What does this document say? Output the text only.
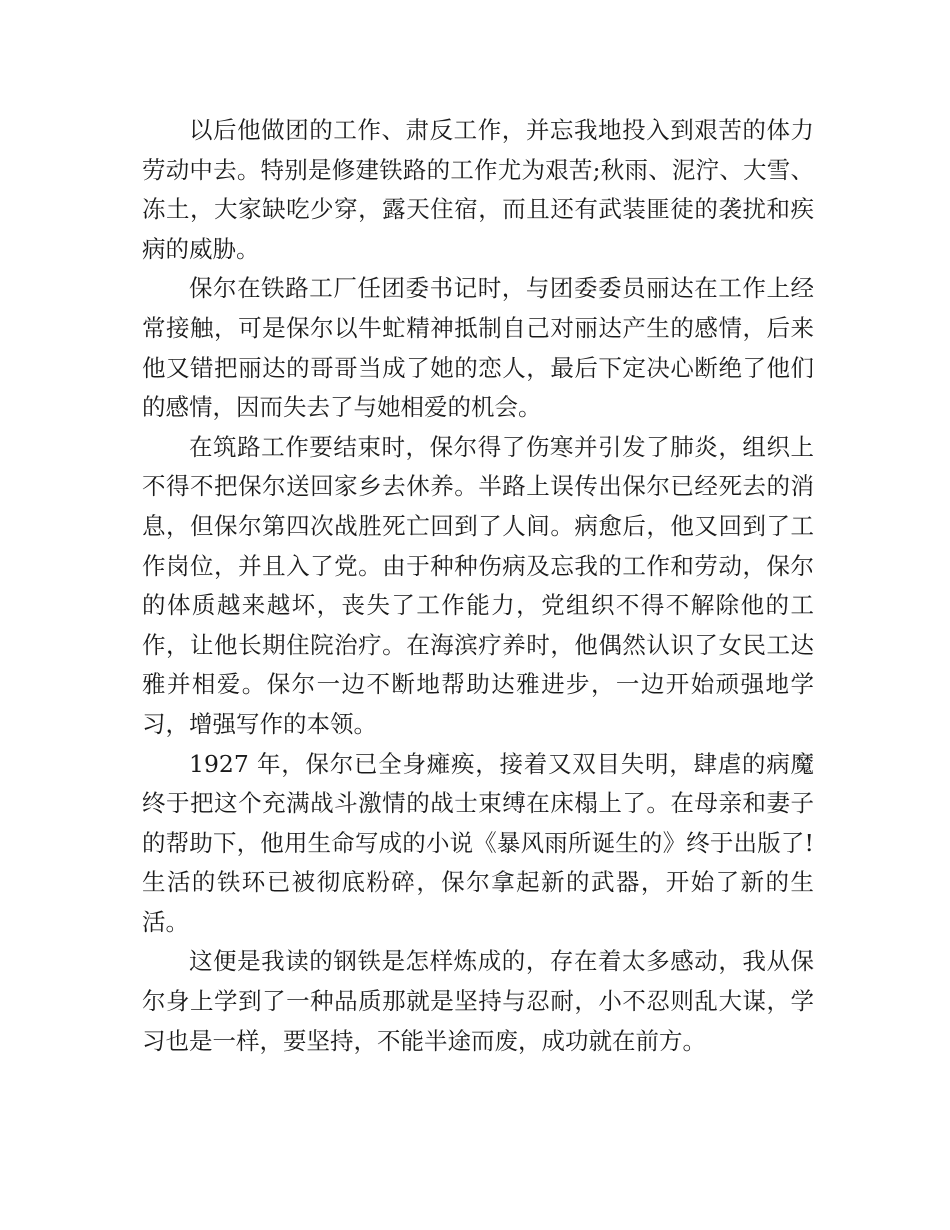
以后他做团的工作、肃反工作，并忘我地投入到艰苦的体力劳动中去。特别是修建铁路的工作尤为艰苦;秋雨、泥泞、大雪、冻土，大家缺吃少穿，露天住宿，而且还有武装匪徒的袭扰和疾病的威胁。

保尔在铁路工厂任团委书记时，与团委委员丽达在工作上经常接触，可是保尔以牛虻精神抵制自己对丽达产生的感情，后来他又错把丽达的哥哥当成了她的恋人，最后下定决心断绝了他们的感情，因而失去了与她相爱的机会。

在筑路工作要结束时，保尔得了伤寒并引发了肺炎，组织上不得不把保尔送回家乡去休养。半路上误传出保尔已经死去的消息，但保尔第四次战胜死亡回到了人间。病愈后，他又回到了工作岗位，并且入了党。由于种种伤病及忘我的工作和劳动，保尔的体质越来越坏，丧失了工作能力，党组织不得不解除他的工作，让他长期住院治疗。在海滨疗养时，他偶然认识了女民工达雅并相爱。保尔一边不断地帮助达雅进步，一边开始顽强地学习，增强写作的本领。

1927 年，保尔已全身瘫痪，接着又双目失明，肆虐的病魔终于把这个充满战斗激情的战士束缚在床榻上了。在母亲和妻子的帮助下，他用生命写成的小说《暴风雨所诞生的》终于出版了!生活的铁环已被彻底粉碎，保尔拿起新的武器，开始了新的生活。

这便是我读的钢铁是怎样炼成的，存在着太多感动，我从保尔身上学到了一种品质那就是坚持与忍耐，小不忍则乱大谋，学习也是一样，要坚持，不能半途而废，成功就在前方。
